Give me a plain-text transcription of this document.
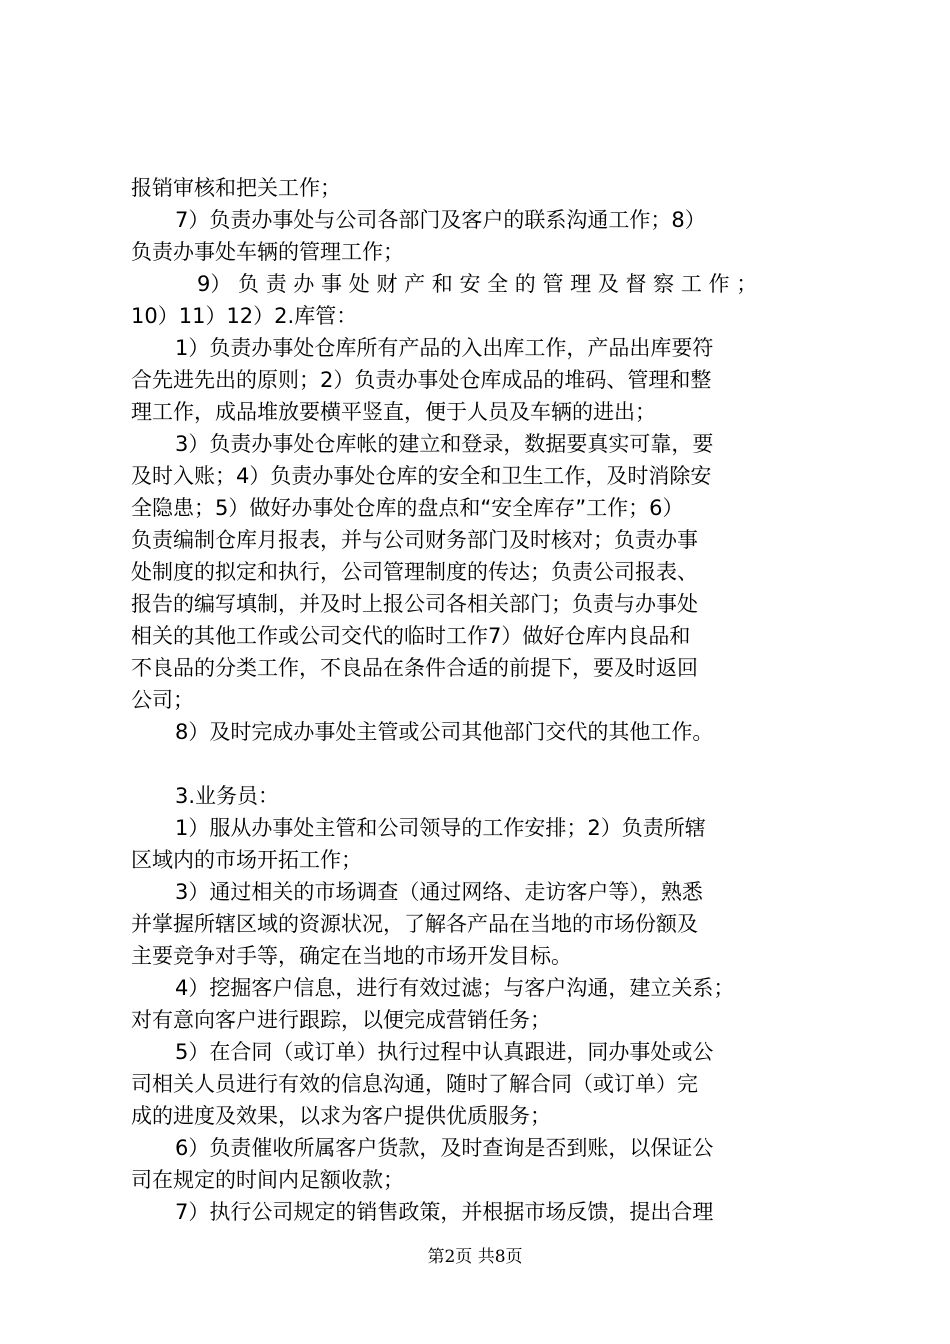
报销审核和把关工作；
7）负责办事处与公司各部门及客户的联系沟通工作；8）
负责办事处车辆的管理工作；
9） 负 责 办 事 处 财 产 和 安 全 的 管 理 及 督 察 工 作 ；
10）11）12）2.库管：
1）负责办事处仓库所有产品的入出库工作，产品出库要符
合先进先出的原则；2）负责办事处仓库成品的堆码、管理和整
理工作，成品堆放要横平竖直，便于人员及车辆的进出；
3）负责办事处仓库帐的建立和登录，数据要真实可靠，要
及时入账；4）负责办事处仓库的安全和卫生工作，及时消除安
全隐患；5）做好办事处仓库的盘点和“安全库存”工作；6）
负责编制仓库月报表，并与公司财务部门及时核对；负责办事
处制度的拟定和执行，公司管理制度的传达；负责公司报表、
报告的编写填制，并及时上报公司各相关部门；负责与办事处
相关的其他工作或公司交代的临时工作7）做好仓库内良品和
不良品的分类工作，不良品在条件合适的前提下，要及时返回
公司；
8）及时完成办事处主管或公司其他部门交代的其他工作。
3.业务员：
1）服从办事处主管和公司领导的工作安排；2）负责所辖
区域内的市场开拓工作；
3）通过相关的市场调查（通过网络、走访客户等），熟悉
并掌握所辖区域的资源状况，了解各产品在当地的市场份额及
主要竞争对手等，确定在当地的市场开发目标。
4）挖掘客户信息，进行有效过滤；与客户沟通，建立关系；
对有意向客户进行跟踪，以便完成营销任务；
5）在合同（或订单）执行过程中认真跟进，同办事处或公
司相关人员进行有效的信息沟通，随时了解合同（或订单）完
成的进度及效果，以求为客户提供优质服务；
6）负责催收所属客户货款，及时查询是否到账，以保证公
司在规定的时间内足额收款；
7）执行公司规定的销售政策，并根据市场反馈，提出合理
第2页 共8页
